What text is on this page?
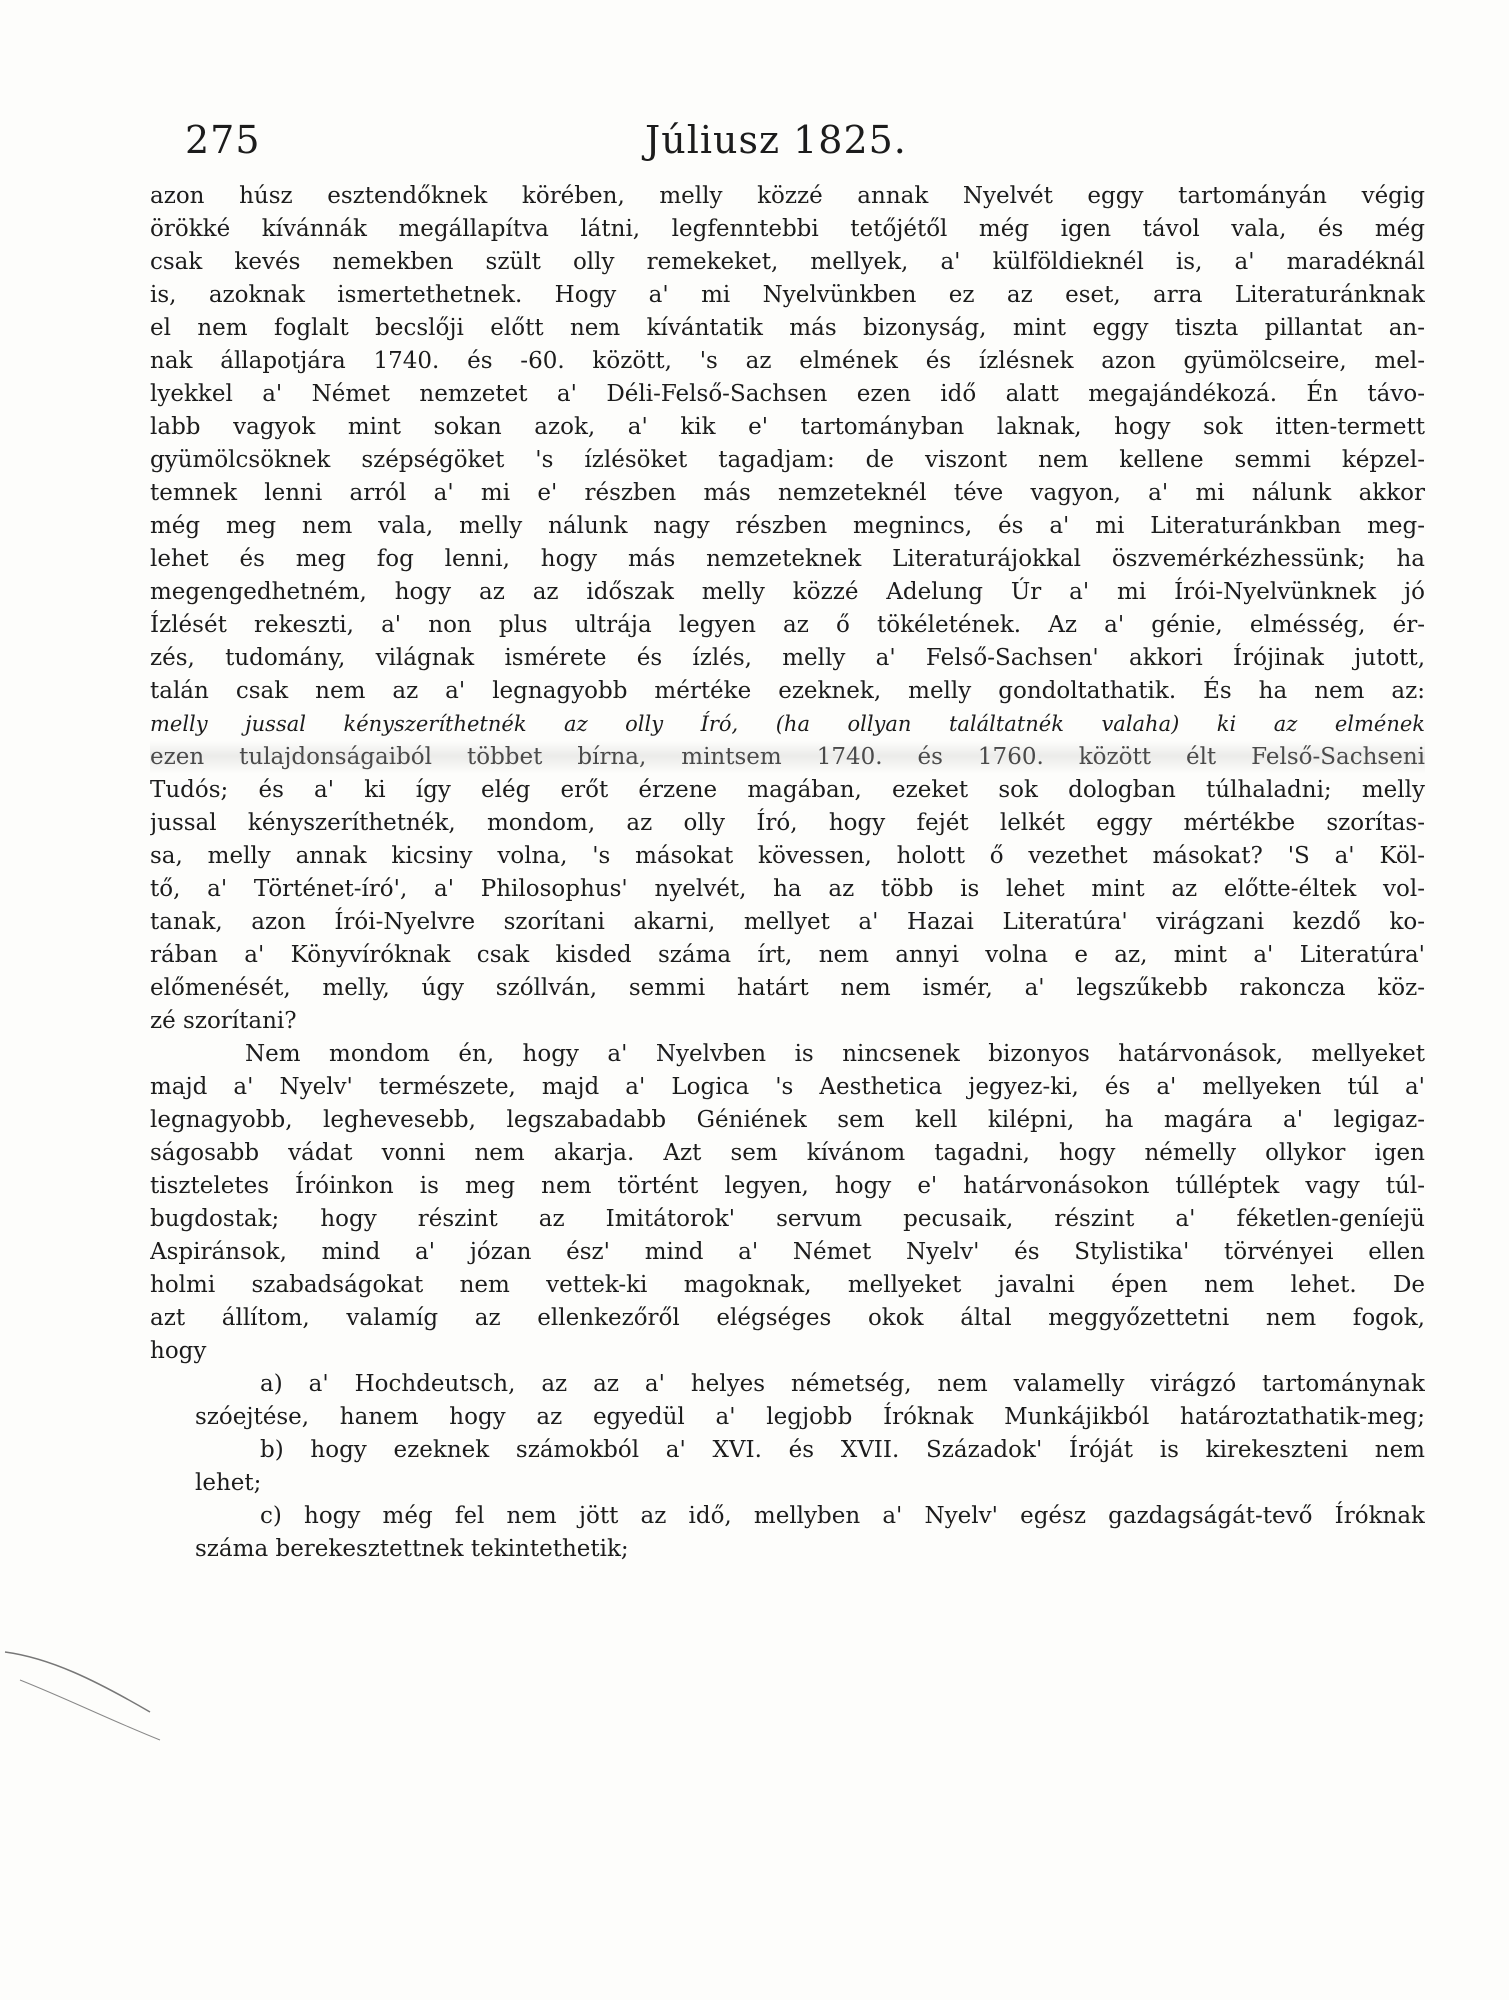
275	Júliusz 1825.
azon húsz esztendőknek körében, melly közzé annak Nyelvét eggy tartományán végig
örökké kívánnák megállapítva látni, legfenntebbi tetőjétől még igen távol vala, és még
csak kevés nemekben szült olly remekeket, mellyek, a' külföldieknél is, a' maradéknál
is, azoknak ismertethetnek. Hogy a' mi Nyelvünkben ez az eset, arra Literaturánknak
el nem foglalt becslőji előtt nem kívántatik más bizonyság, mint eggy tiszta pillantat an-
nak állapotjára 1740. és -60. között, 's az elmének és ízlésnek azon gyümölcseire, mel-
lyekkel a' Német nemzetet a' Déli-Felső-Sachsen ezen idő alatt megajándékozá. Én távo-
labb vagyok mint sokan azok, a' kik e' tartományban laknak, hogy sok itten-termett
gyümölcsöknek szépségöket 's ízlésöket tagadjam: de viszont nem kellene semmi képzel-
temnek lenni arról a' mi e' részben más nemzeteknél téve vagyon, a' mi nálunk akkor
még meg nem vala, melly nálunk nagy részben megnincs, és a' mi Literaturánkban meg-
lehet és meg fog lenni, hogy más nemzeteknek Literaturájokkal öszvemérkézhessünk; ha
megengedhetném, hogy az az időszak melly közzé Adelung Úr a' mi Írói-Nyelvünknek jó
Ízlését rekeszti, a' non plus ultrája legyen az ő tökéletének. Az a' génie, elmésség, ér-
zés, tudomány, világnak ismérete és ízlés, melly a' Felső-Sachsen' akkori Írójinak jutott,
talán csak nem az a' legnagyobb mértéke ezeknek, melly gondoltathatik. És ha nem az:
melly jussal kényszeríthetnék az olly Író, (ha ollyan találtatnék valaha) ki az elmének
ezen tulajdonságaiból többet bírna, mintsem 1740. és 1760. között élt Felső-Sachseni
Tudós; és a' ki így elég erőt érzene magában, ezeket sok dologban túlhaladni; melly
jussal kényszeríthetnék, mondom, az olly Író, hogy fejét lelkét eggy mértékbe szorítas-
sa, melly annak kicsiny volna, 's másokat kövessen, holott ő vezethet másokat? 'S a' Köl-
tő, a' Történet-író', a' Philosophus' nyelvét, ha az több is lehet mint az előtte-éltek vol-
tanak, azon Írói-Nyelvre szorítani akarni, mellyet a' Hazai Literatúra' virágzani kezdő ko-
rában a' Könyvíróknak csak kisded száma írt, nem annyi volna e az, mint a' Literatúra'
előmenését, melly, úgy szóllván, semmi határt nem ismér, a' legszűkebb rakoncza köz-
zé szorítani?
Nem mondom én, hogy a' Nyelvben is nincsenek bizonyos határvonások, mellyeket
majd a' Nyelv' természete, majd a' Logica 's Aesthetica jegyez-ki, és a' mellyeken túl a'
legnagyobb, leghevesebb, legszabadabb Géniének sem kell kilépni, ha magára a' legigaz-
ságosabb vádat vonni nem akarja. Azt sem kívánom tagadni, hogy némelly ollykor igen
tiszteletes Íróinkon is meg nem történt legyen, hogy e' határvonásokon túlléptek vagy túl-
bugdostak; hogy részint az Imitátorok' servum pecusaik, részint a' féketlen-geníejü
Aspiránsok, mind a' józan ész' mind a' Német Nyelv' és Stylistika' törvényei ellen
holmi szabadságokat nem vettek-ki magoknak, mellyeket javalni épen nem lehet. De
azt állítom, valamíg az ellenkezőről elégséges okok által meggyőzettetni nem fogok,
hogy
a) a' Hochdeutsch, az az a' helyes németség, nem valamelly virágzó tartománynak
szóejtése, hanem hogy az egyedül a' legjobb Íróknak Munkájikból határoztathatik-meg;
b) hogy ezeknek számokból a' XVI. és XVII. Századok' Íróját is kirekeszteni nem
lehet;
c) hogy még fel nem jött az idő, mellyben a' Nyelv' egész gazdagságát-tevő Íróknak
száma berekesztettnek tekintethetik;
